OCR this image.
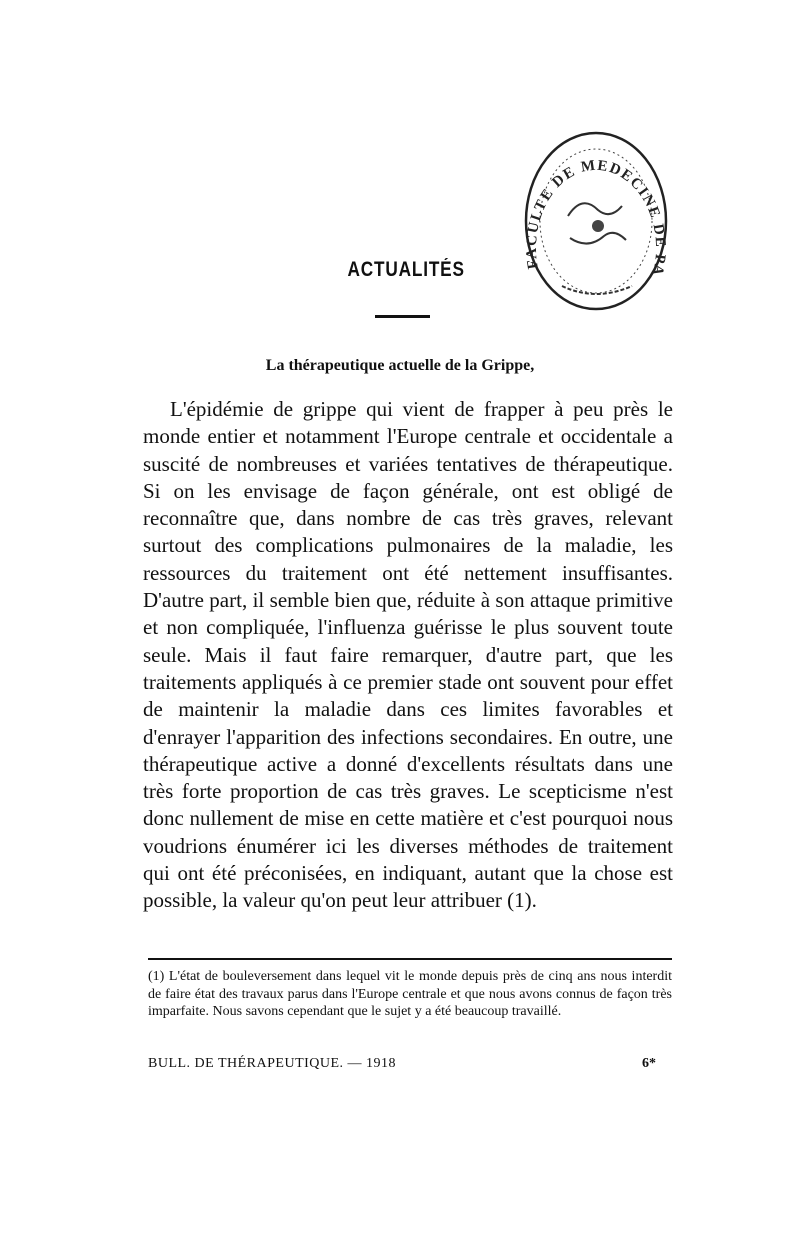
FACULTE DE MEDECINE DE PA
ACTUALITÉS
La thérapeutique actuelle de la Grippe,

L'épidémie de grippe qui vient de frapper à peu près le monde entier et notamment l'Europe centrale et occidentale a suscité de nombreuses et variées tentatives de thérapeutique. Si on les envisage de façon générale, ont est obligé de reconnaître que, dans nombre de cas très graves, relevant surtout des complications pulmonaires de la maladie, les ressources du traitement ont été nettement insuffisantes. D'autre part, il semble bien que, réduite à son attaque primitive et non compliquée, l'influenza guérisse le plus souvent toute seule. Mais il faut faire remarquer, d'autre part, que les traitements appliqués à ce premier stade ont souvent pour effet de maintenir la maladie dans ces limites favorables et d'enrayer l'apparition des infections secondaires. En outre, une thérapeutique active a donné d'excellents résultats dans une très forte proportion de cas très graves. Le scepticisme n'est donc nullement de mise en cette matière et c'est pourquoi nous voudrions énumérer ici les diverses méthodes de traitement qui ont été préconisées, en indiquant, autant que la chose est possible, la valeur qu'on peut leur attribuer (1).

(1) L'état de bouleversement dans lequel vit le monde depuis près de cinq ans nous interdit de faire état des travaux parus dans l'Europe centrale et que nous avons connus de façon très imparfaite. Nous savons cependant que le sujet y a été beaucoup travaillé.

BULL. DE THÉRAPEUTIQUE. — 1918	6*
